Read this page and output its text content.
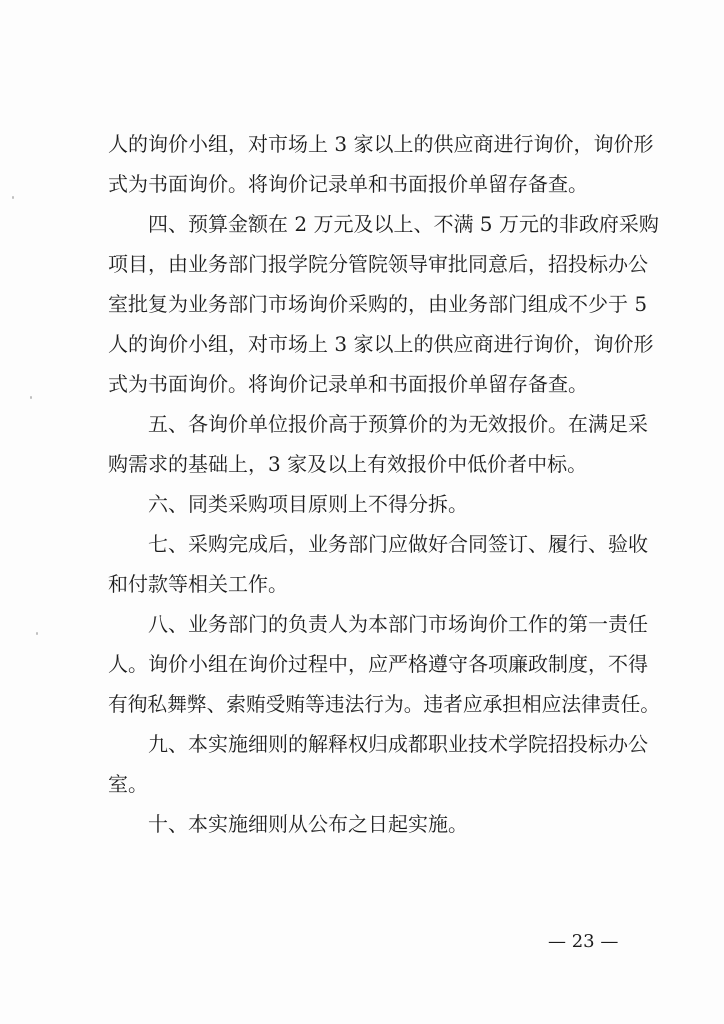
人的询价小组，对市场上 3 家以上的供应商进行询价，询价形
式为书面询价。将询价记录单和书面报价单留存备查。
四、预算金额在 2 万元及以上、不满 5 万元的非政府采购
项目，由业务部门报学院分管院领导审批同意后，招投标办公
室批复为业务部门市场询价采购的，由业务部门组成不少于 5
人的询价小组，对市场上 3 家以上的供应商进行询价，询价形
式为书面询价。将询价记录单和书面报价单留存备查。
五、各询价单位报价高于预算价的为无效报价。在满足采
购需求的基础上，3 家及以上有效报价中低价者中标。
六、同类采购项目原则上不得分拆。
七、采购完成后，业务部门应做好合同签订、履行、验收
和付款等相关工作。
八、业务部门的负责人为本部门市场询价工作的第一责任
人。询价小组在询价过程中，应严格遵守各项廉政制度，不得
有徇私舞弊、索贿受贿等违法行为。违者应承担相应法律责任。
九、本实施细则的解释权归成都职业技术学院招投标办公
室。
十、本实施细则从公布之日起实施。
— 23 —
